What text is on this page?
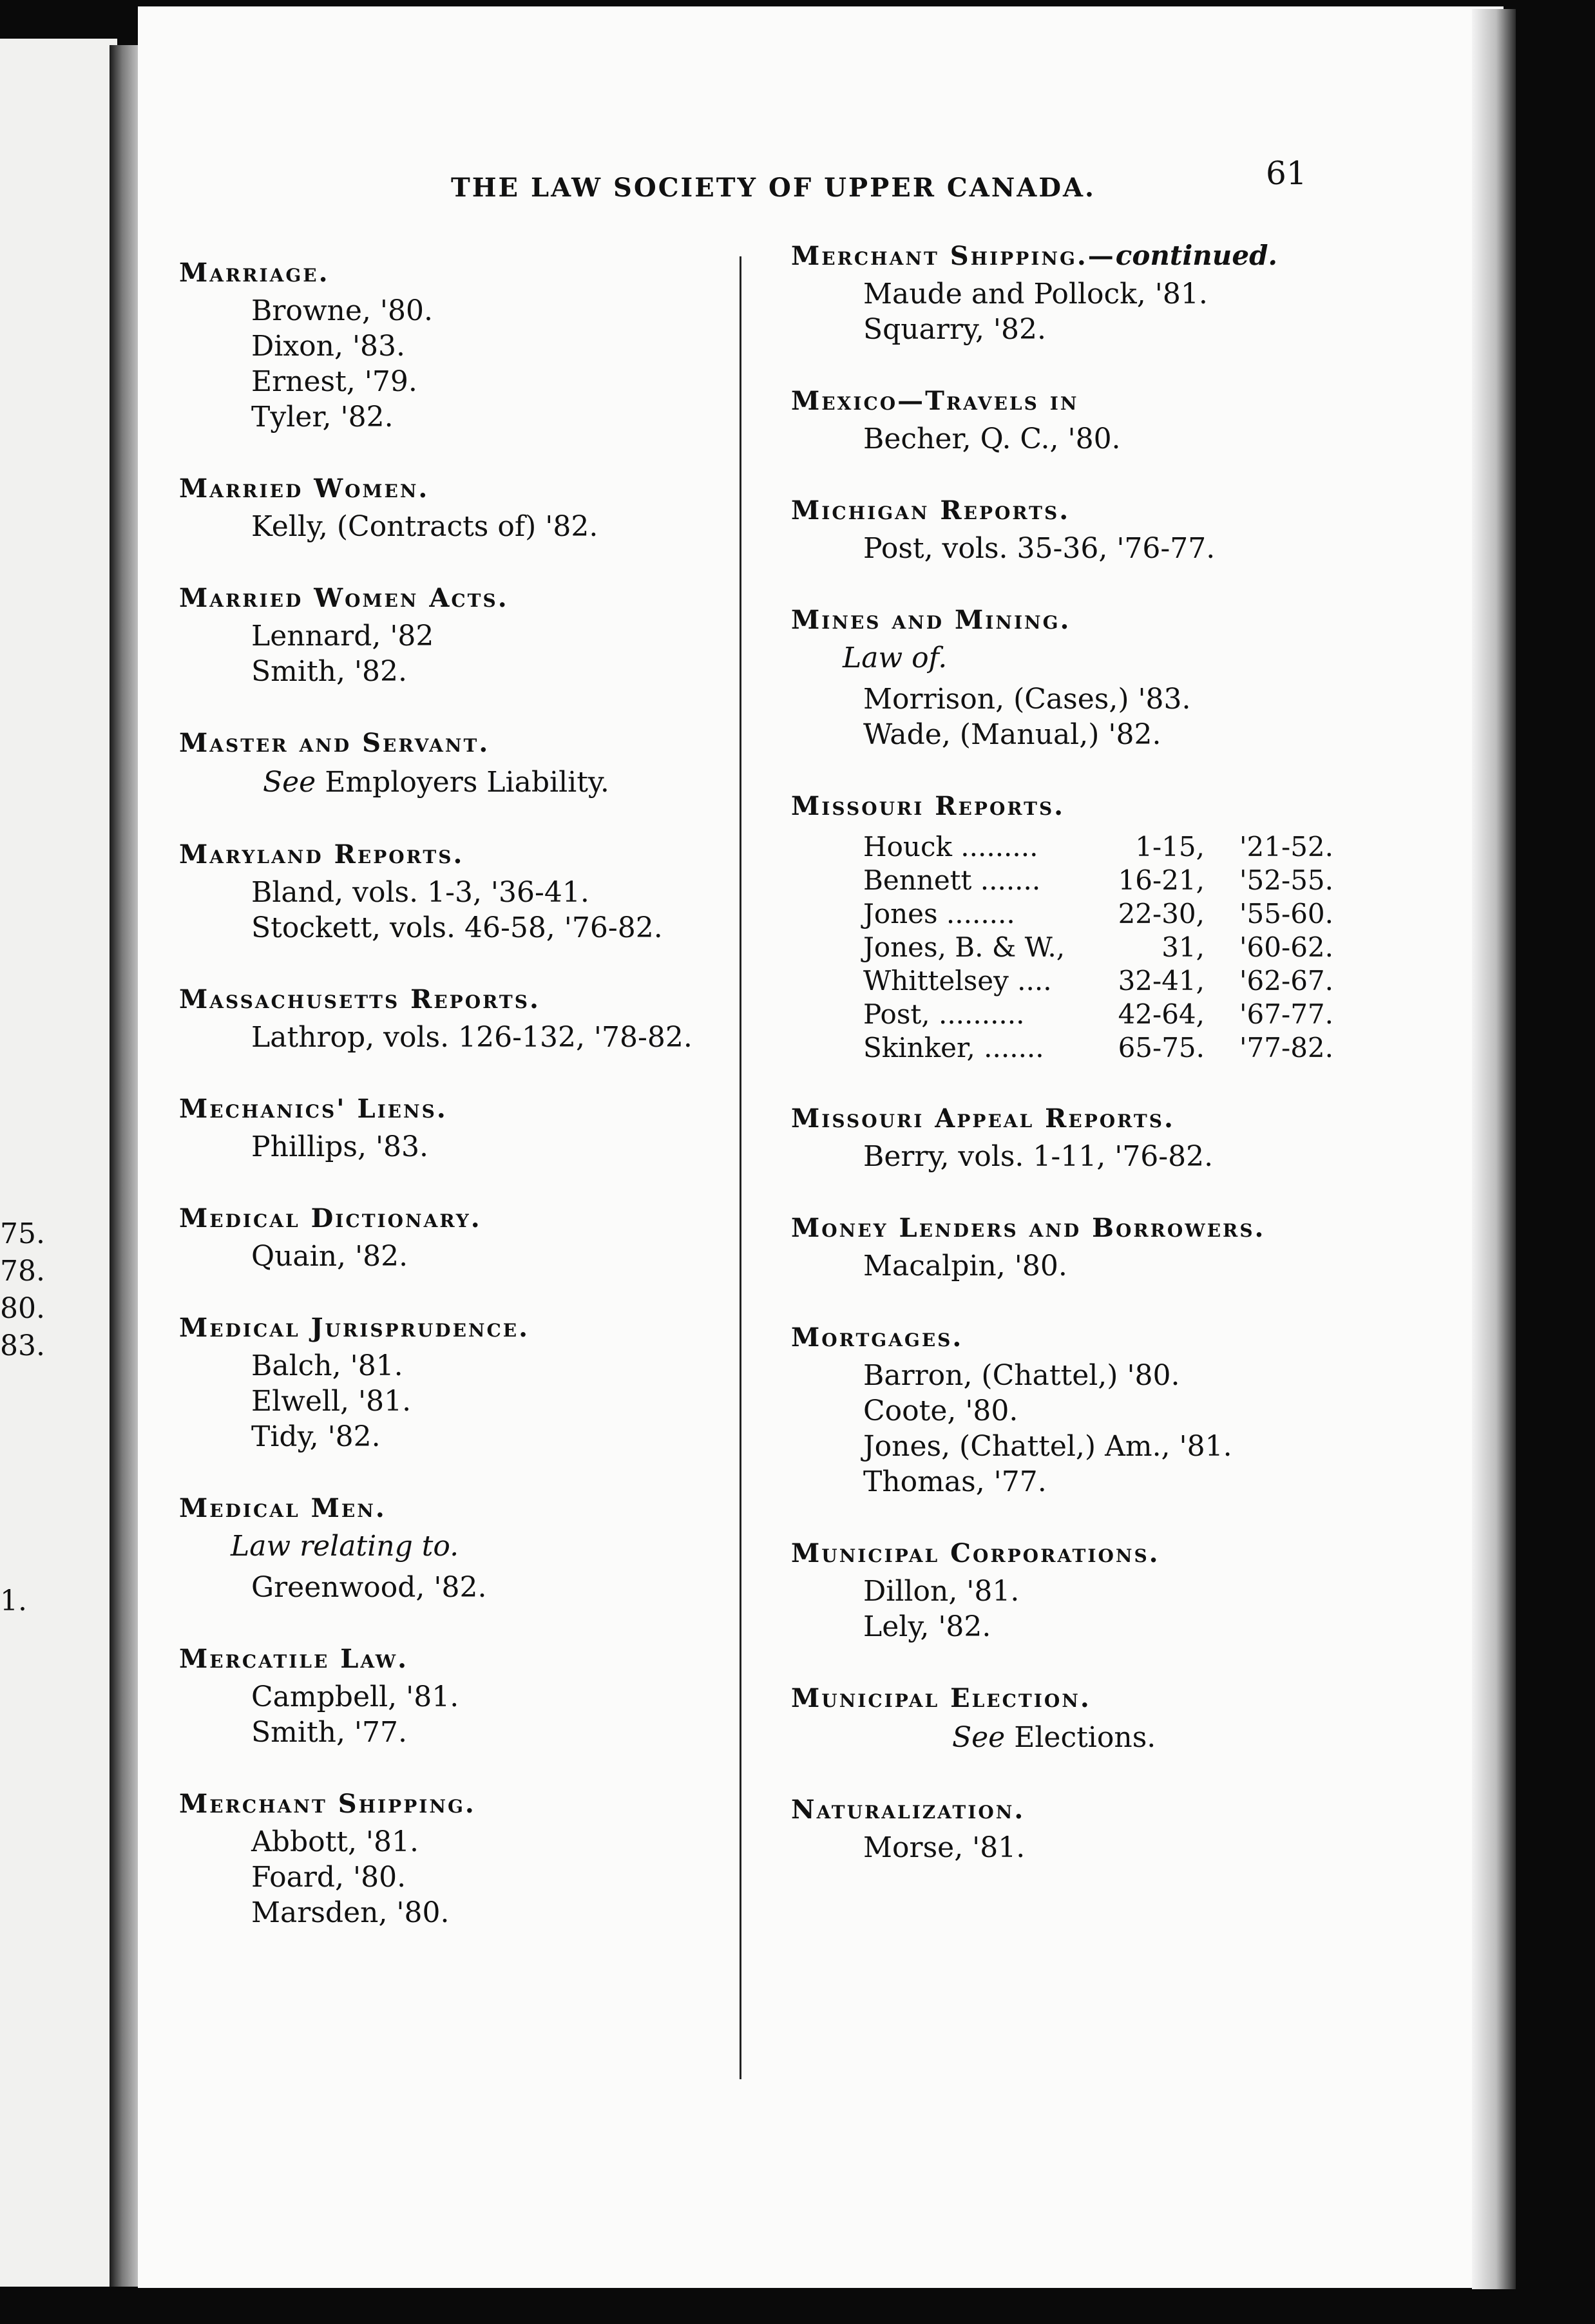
75.
78.
80.
83.
1.
THE LAW SOCIETY OF UPPER CANADA.	61
Marriage.
Browne, '80.
Dixon, '83.
Ernest, '79.
Tyler, '82.
Married Women.
Kelly, (Contracts of) '82.
Married Women Acts.
Lennard, '82
Smith, '82.
Master and Servant.
See Employers Liability.
Maryland Reports.
Bland, vols. 1-3, '36-41.
Stockett, vols. 46-58, '76-82.
Massachusetts Reports.
Lathrop, vols. 126-132, '78-82.
Mechanics' Liens.
Phillips, '83.
Medical Dictionary.
Quain, '82.
Medical Jurisprudence.
Balch, '81.
Elwell, '81.
Tidy, '82.
Medical Men.
Law relating to.
Greenwood, '82.
Mercatile Law.
Campbell, '81.
Smith, '77.
Merchant Shipping.
Abbott, '81.
Foard, '80.
Marsden, '80.
Merchant Shipping.—continued.
Maude and Pollock, '81.
Squarry, '82.
Mexico—Travels in
Becher, Q. C., '80.
Michigan Reports.
Post, vols. 35-36, '76-77.
Mines and Mining.
Law of.
Morrison, (Cases,) '83.
Wade, (Manual,) '82.
Missouri Reports.
Houck .........	1-15, '21-52.
Bennett .......	16-21, '52-55.
Jones ........	22-30, '55-60.
Jones, B. & W.,	31, '60-62.
Whittelsey .... 32-41, '62-67.
Post, ..........	42-64, '67-77.
Skinker, .......	65-75. '77-82.
Missouri Appeal Reports.
Berry, vols. 1-11, '76-82.
Money Lenders and Borrowers.
Macalpin, '80.
Mortgages.
Barron, (Chattel,) '80.
Coote, '80.
Jones, (Chattel,) Am., '81.
Thomas, '77.
Municipal Corporations.
Dillon, '81.
Lely, '82.
Municipal Election.
See Elections.
Naturalization.
Morse, '81.
